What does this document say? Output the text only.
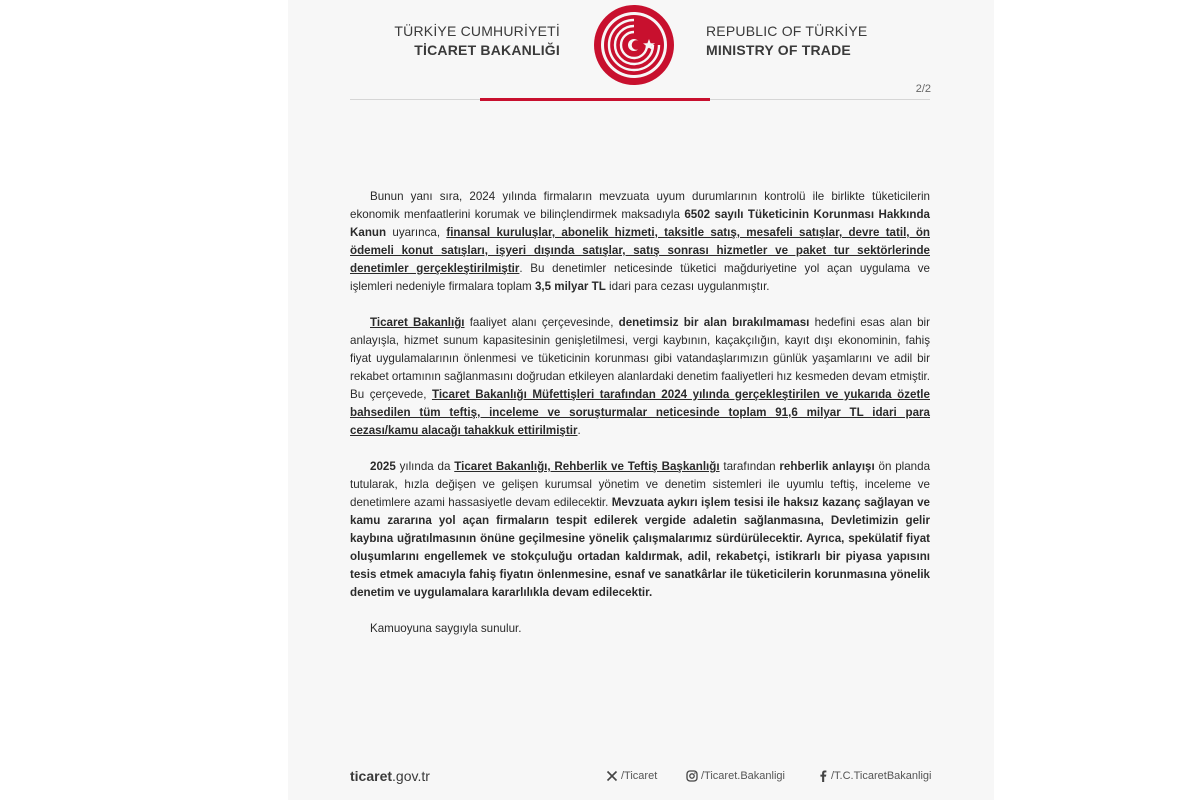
TÜRKİYE CUMHURİYETİ
TİCARET BAKANLIĞI
REPUBLIC OF TÜRKİYE
MINISTRY OF TRADE
2/2

Bunun yanı sıra, 2024 yılında firmaların mevzuata uyum durumlarının kontrolü ile birlikte tüketicilerin ekonomik menfaatlerini korumak ve bilinçlendirmek maksadıyla 6502 sayılı Tüketicinin Korunması Hakkında Kanun uyarınca, finansal kuruluşlar, abonelik hizmeti, taksitle satış, mesafeli satışlar, devre tatil, ön ödemeli konut satışları, işyeri dışında satışlar, satış sonrası hizmetler ve paket tur sektörlerinde denetimler gerçekleştirilmiştir. Bu denetimler neticesinde tüketici mağduriyetine yol açan uygulama ve işlemleri nedeniyle firmalara toplam 3,5 milyar TL idari para cezası uygulanmıştır.

Ticaret Bakanlığı faaliyet alanı çerçevesinde, denetimsiz bir alan bırakılmaması hedefini esas alan bir anlayışla, hizmet sunum kapasitesinin genişletilmesi, vergi kaybının, kaçakçılığın, kayıt dışı ekonominin, fahiş fiyat uygulamalarının önlenmesi ve tüketicinin korunması gibi vatandaşlarımızın günlük yaşamlarını ve adil bir rekabet ortamının sağlanmasını doğrudan etkileyen alanlardaki denetim faaliyetleri hız kesmeden devam etmiştir. Bu çerçevede, Ticaret Bakanlığı Müfettişleri tarafından 2024 yılında gerçekleştirilen ve yukarıda özetle bahsedilen tüm teftiş, inceleme ve soruşturmalar neticesinde toplam 91,6 milyar TL idari para cezası/kamu alacağı tahakkuk ettirilmiştir.

2025 yılında da Ticaret Bakanlığı, Rehberlik ve Teftiş Başkanlığı tarafından rehberlik anlayışı ön planda tutularak, hızla değişen ve gelişen kurumsal yönetim ve denetim sistemleri ile uyumlu teftiş, inceleme ve denetimlere azami hassasiyetle devam edilecektir. Mevzuata aykırı işlem tesisi ile haksız kazanç sağlayan ve kamu zararına yol açan firmaların tespit edilerek vergide adaletin sağlanmasına, Devletimizin gelir kaybına uğratılmasının önüne geçilmesine yönelik çalışmalarımız sürdürülecektir. Ayrıca, spekülatif fiyat oluşumlarını engellemek ve stokçuluğu ortadan kaldırmak, adil, rekabetçi, istikrarlı bir piyasa yapısını tesis etmek amacıyla fahiş fiyatın önlenmesine, esnaf ve sanatkârlar ile tüketicilerin korunmasına yönelik denetim ve uygulamalara kararlılıkla devam edilecektir.

Kamuoyuna saygıyla sunulur.

ticaret.gov.tr	/Ticaret	/Ticaret.Bakanligi	/T.C.TicaretBakanligi
